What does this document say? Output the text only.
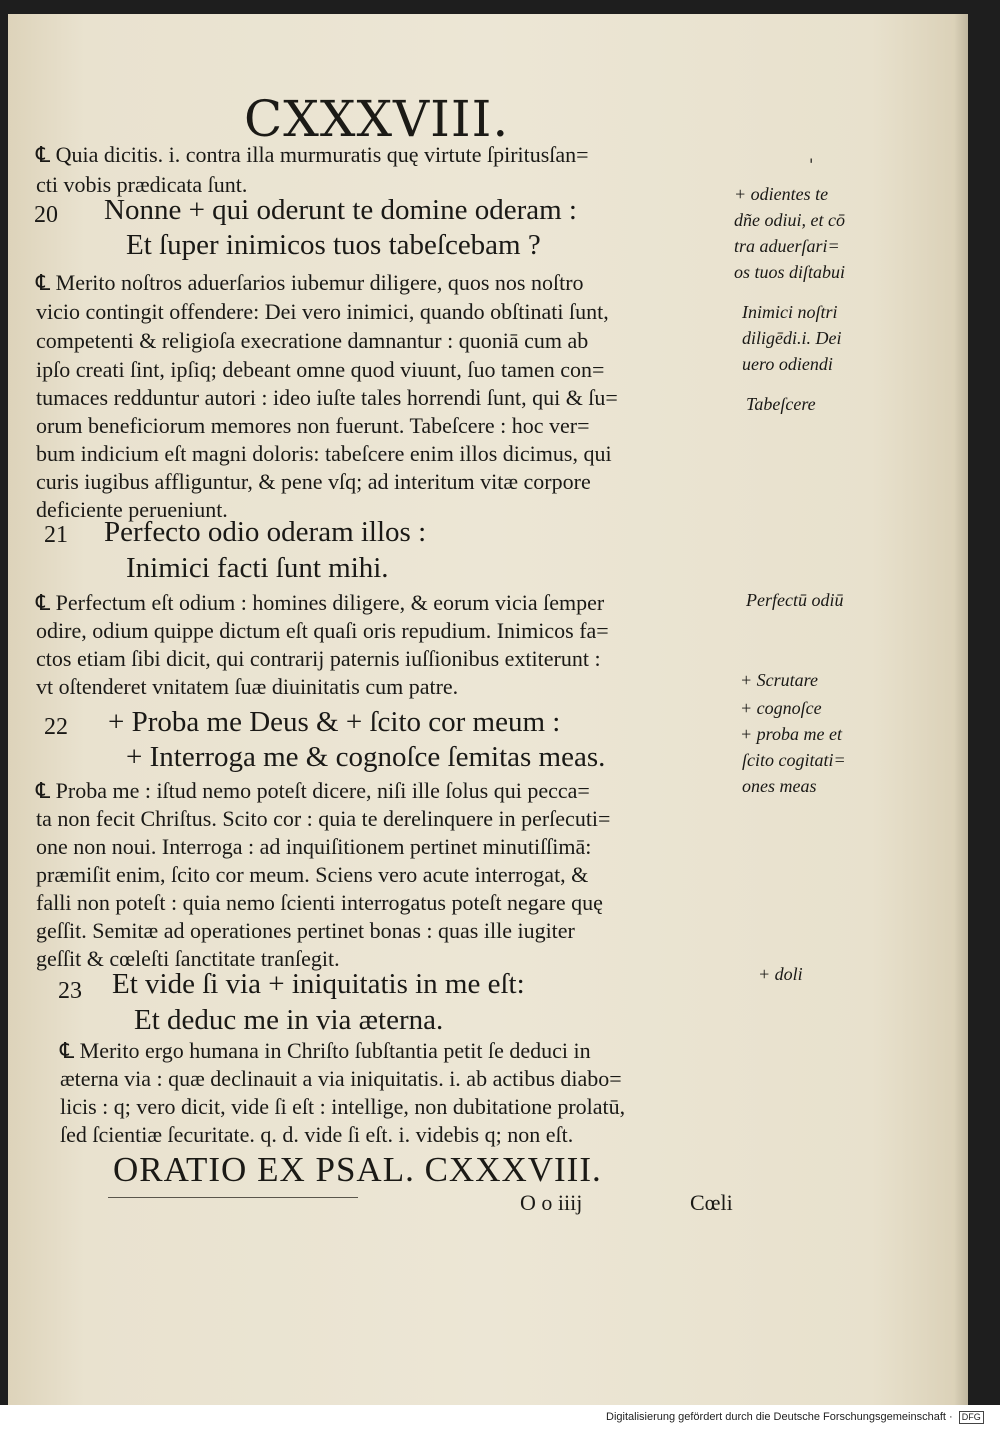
CXXXVIII.
'
20
21
22
23
℄ Quia dicitis. i. contra illa murmuratis quę virtute ſpiritusſan=
cti vobis prædicata ſunt.
Nonne + qui oderunt te domine oderam :
Et ſuper inimicos tuos tabeſcebam ?
℄ Merito noſtros aduerſarios iubemur diligere, quos nos noſtro
vicio contingit offendere: Dei vero inimici, quando obſtinati ſunt,
competenti & religioſa execratione damnantur : quoniā cum ab
ipſo creati ſint, ipſiq; debeant omne quod viuunt, ſuo tamen con=
tumaces redduntur autori : ideo iuſte tales horrendi ſunt, qui & ſu=
orum beneficiorum memores non fuerunt. Tabeſcere : hoc ver=
bum indicium eſt magni doloris: tabeſcere enim illos dicimus, qui
curis iugibus affliguntur, & pene vſq; ad interitum vitæ corpore
deficiente perueniunt.
Perfecto odio oderam illos :
Inimici facti ſunt mihi.
℄ Perfectum eſt odium : homines diligere, & eorum vicia ſemper
odire, odium quippe dictum eſt quaſi oris repudium. Inimicos fa=
ctos etiam ſibi dicit, qui contrarij paternis iuſſionibus extiterunt :
vt oſtenderet vnitatem ſuæ diuinitatis cum patre.
+ Proba me Deus & + ſcito cor meum :
+ Interroga me & cognoſce ſemitas meas.
℄ Proba me : iſtud nemo poteſt dicere, niſi ille ſolus qui pecca=
ta non fecit Chriſtus. Scito cor : quia te derelinquere in perſecuti=
one non noui. Interroga : ad inquiſitionem pertinet minutiſſimā:
præmiſit enim, ſcito cor meum. Sciens vero acute interrogat, &
falli non poteſt : quia nemo ſcienti interrogatus poteſt negare quę
geſſit. Semitæ ad operationes pertinet bonas : quas ille iugiter
geſſit & cœleſti ſanctitate tranſegit.
Et vide ſi via + iniquitatis in me eſt:
Et deduc me in via æterna.
℄ Merito ergo humana in Chriſto ſubſtantia petit ſe deduci in
æterna via : quæ declinauit a via iniquitatis. i. ab actibus diabo=
licis : q; vero dicit, vide ſi eſt : intellige, non dubitatione prolatū,
ſed ſcientiæ ſecuritate. q. d. vide ſi eſt. i. videbis q; non eſt.
+ odientes te
dñe odiui, et cō
tra aduerſari=
os tuos diſtabui
Inimici noſtri
diligēdi.i. Dei
uero odiendi
Tabeſcere
Perfectū odiū
+ Scrutare
+ cognoſce
+ proba me et
ſcito cogitati=
ones meas
+ doli
ORATIO EX PSAL. CXXXVIII.
O o iiij	Cœli
Digitalisierung gefördert durch die Deutsche Forschungsgemeinschaft · DFG
